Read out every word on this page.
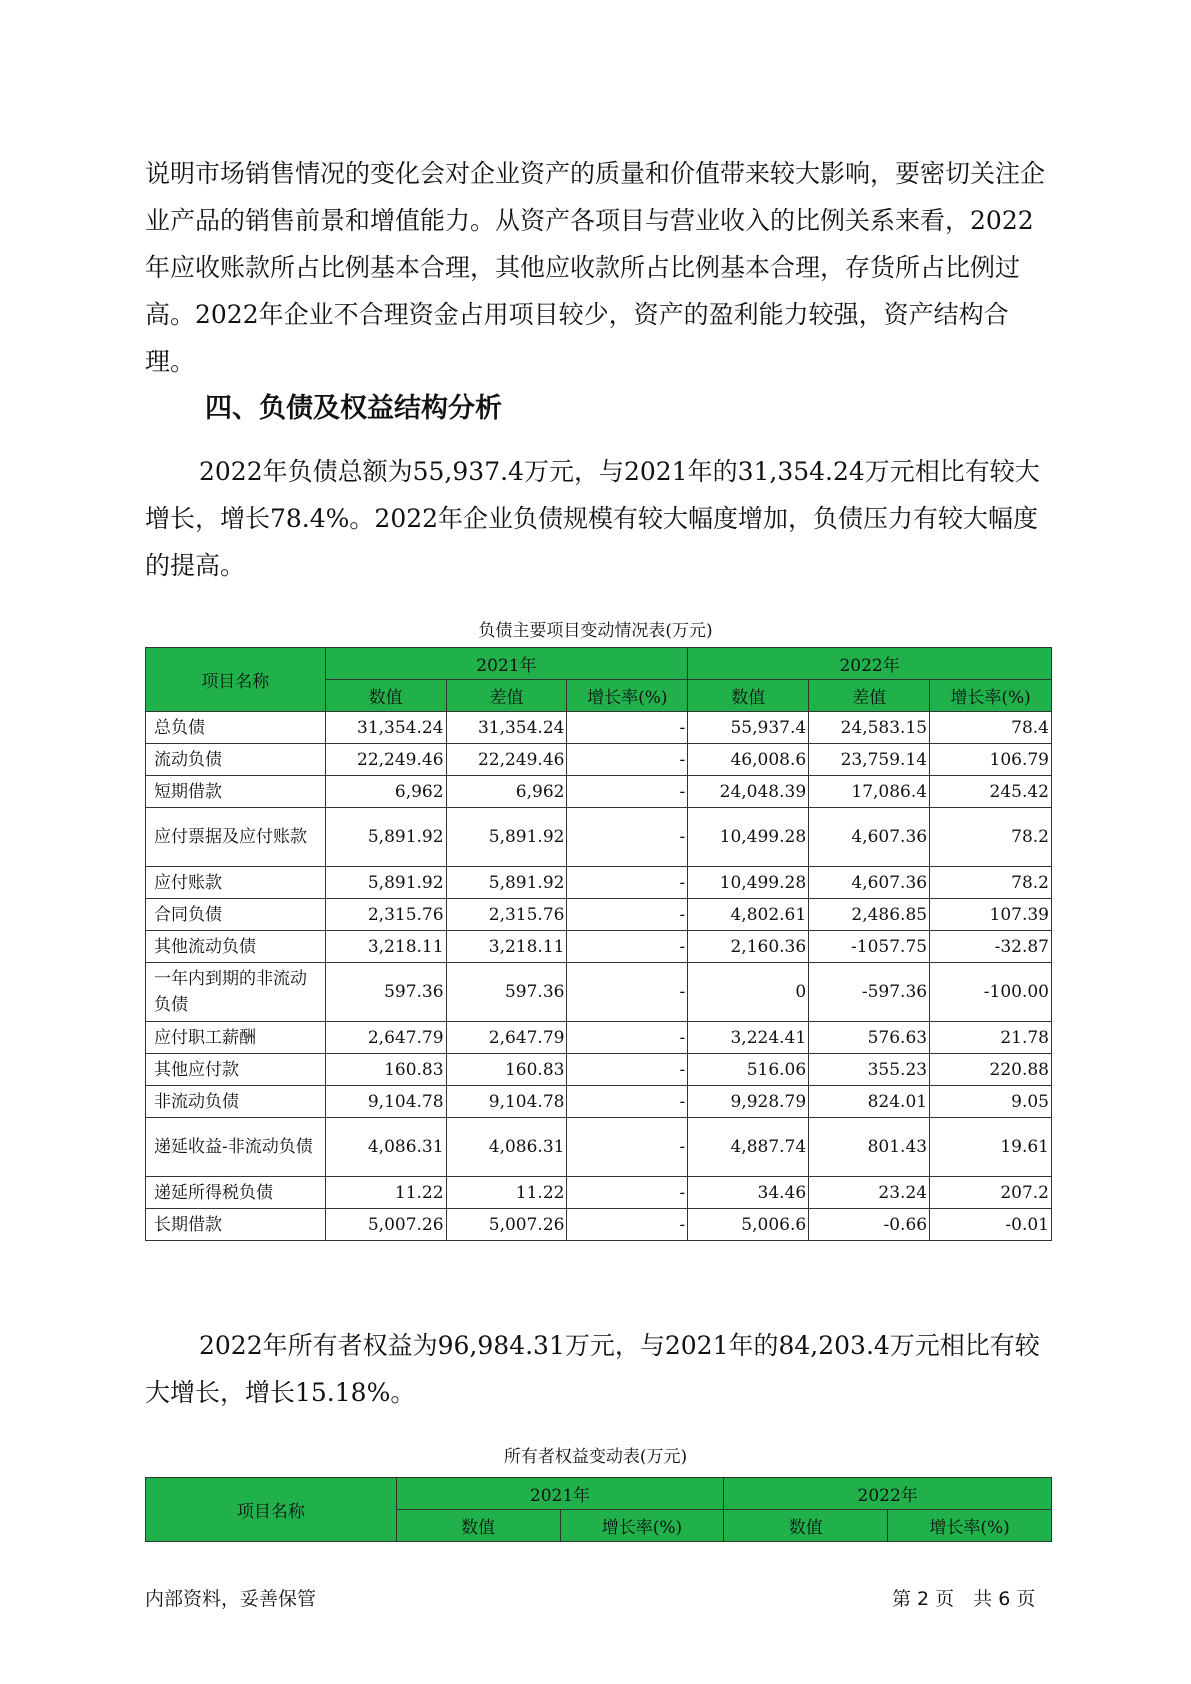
说明市场销售情况的变化会对企业资产的质量和价值带来较大影响，要密切关注企业产品的销售前景和增值能力。从资产各项目与营业收入的比例关系来看，2022年应收账款所占比例基本合理，其他应收款所占比例基本合理，存货所占比例过高。2022年企业不合理资金占用项目较少，资产的盈利能力较强，资产结构合理。

四、负债及权益结构分析

2022年负债总额为55,937.4万元，与2021年的31,354.24万元相比有较大增长，增长78.4%。2022年企业负债规模有较大幅度增加，负债压力有较大幅度的提高。

负债主要项目变动情况表(万元)
项目名称	2021年			2022年		
	数值	差值	增长率(%)	数值	差值	增长率(%)
总负债	31,354.24	31,354.24	-	55,937.4	24,583.15	78.4
流动负债	22,249.46	22,249.46	-	46,008.6	23,759.14	106.79
短期借款	6,962	6,962	-	24,048.39	17,086.4	245.42
应付票据及应付账款	5,891.92	5,891.92	-	10,499.28	4,607.36	78.2
应付账款	5,891.92	5,891.92	-	10,499.28	4,607.36	78.2
合同负债	2,315.76	2,315.76	-	4,802.61	2,486.85	107.39
其他流动负债	3,218.11	3,218.11	-	2,160.36	-1057.75	-32.87
一年内到期的非流动负债	597.36	597.36	-	0	-597.36	-100.00
应付职工薪酬	2,647.79	2,647.79	-	3,224.41	576.63	21.78
其他应付款	160.83	160.83	-	516.06	355.23	220.88
非流动负债	9,104.78	9,104.78	-	9,928.79	824.01	9.05
递延收益-非流动负债	4,086.31	4,086.31	-	4,887.74	801.43	19.61
递延所得税负债	11.22	11.22	-	34.46	23.24	207.2
长期借款	5,007.26	5,007.26	-	5,006.6	-0.66	-0.01

2022年所有者权益为96,984.31万元，与2021年的84,203.4万元相比有较大增长，增长15.18%。

所有者权益变动表(万元)
项目名称	2021年		2022年	
	数值	增长率(%)	数值	增长率(%)
内部资料，妥善保管	第 2 页　共 6 页
